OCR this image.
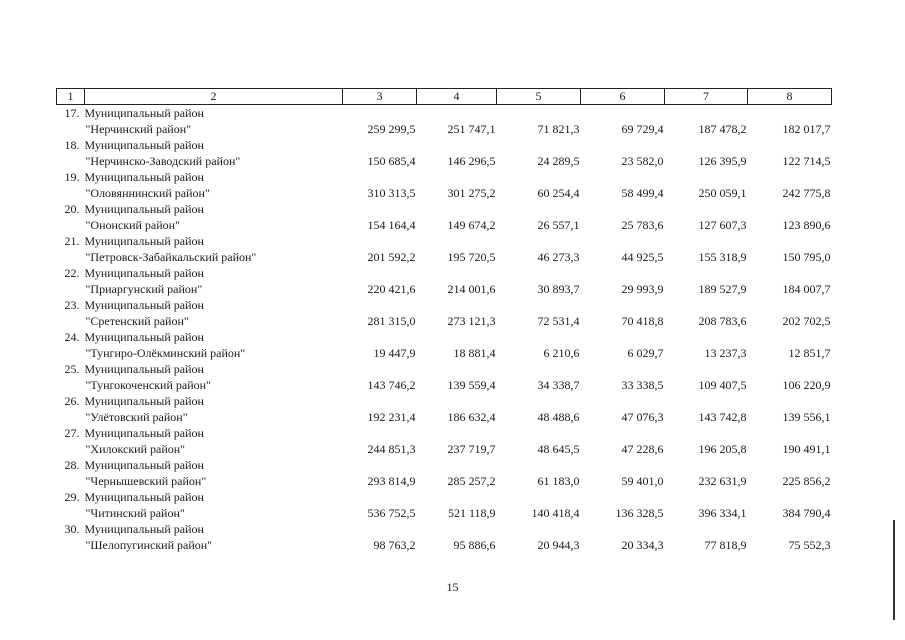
1	2	3	4	5	6	7	8
17.	Муниципальный район						
	"Нерчинский район"	259 299,5	251 747,1	71 821,3	69 729,4	187 478,2	182 017,7
18.	Муниципальный район						
	"Нерчинско-Заводский район"	150 685,4	146 296,5	24 289,5	23 582,0	126 395,9	122 714,5
19.	Муниципальный район						
	"Оловяннинский район"	310 313,5	301 275,2	60 254,4	58 499,4	250 059,1	242 775,8
20.	Муниципальный район						
	"Ононский район"	154 164,4	149 674,2	26 557,1	25 783,6	127 607,3	123 890,6
21.	Муниципальный район						
	"Петровск-Забайкальский район"	201 592,2	195 720,5	46 273,3	44 925,5	155 318,9	150 795,0
22.	Муниципальный район						
	"Приаргунский район"	220 421,6	214 001,6	30 893,7	29 993,9	189 527,9	184 007,7
23.	Муниципальный район						
	"Сретенский район"	281 315,0	273 121,3	72 531,4	70 418,8	208 783,6	202 702,5
24.	Муниципальный район						
	"Тунгиро-Олёкминский район"	19 447,9	18 881,4	6 210,6	6 029,7	13 237,3	12 851,7
25.	Муниципальный район						
	"Тунгокоченский район"	143 746,2	139 559,4	34 338,7	33 338,5	109 407,5	106 220,9
26.	Муниципальный район						
	"Улётовский район"	192 231,4	186 632,4	48 488,6	47 076,3	143 742,8	139 556,1
27.	Муниципальный район						
	"Хилокский район"	244 851,3	237 719,7	48 645,5	47 228,6	196 205,8	190 491,1
28.	Муниципальный район						
	"Чернышевский район"	293 814,9	285 257,2	61 183,0	59 401,0	232 631,9	225 856,2
29.	Муниципальный район						
	"Читинский район"	536 752,5	521 118,9	140 418,4	136 328,5	396 334,1	384 790,4
30.	Муниципальный район						
	"Шелопугинский район"	98 763,2	95 886,6	20 944,3	20 334,3	77 818,9	75 552,3
15
